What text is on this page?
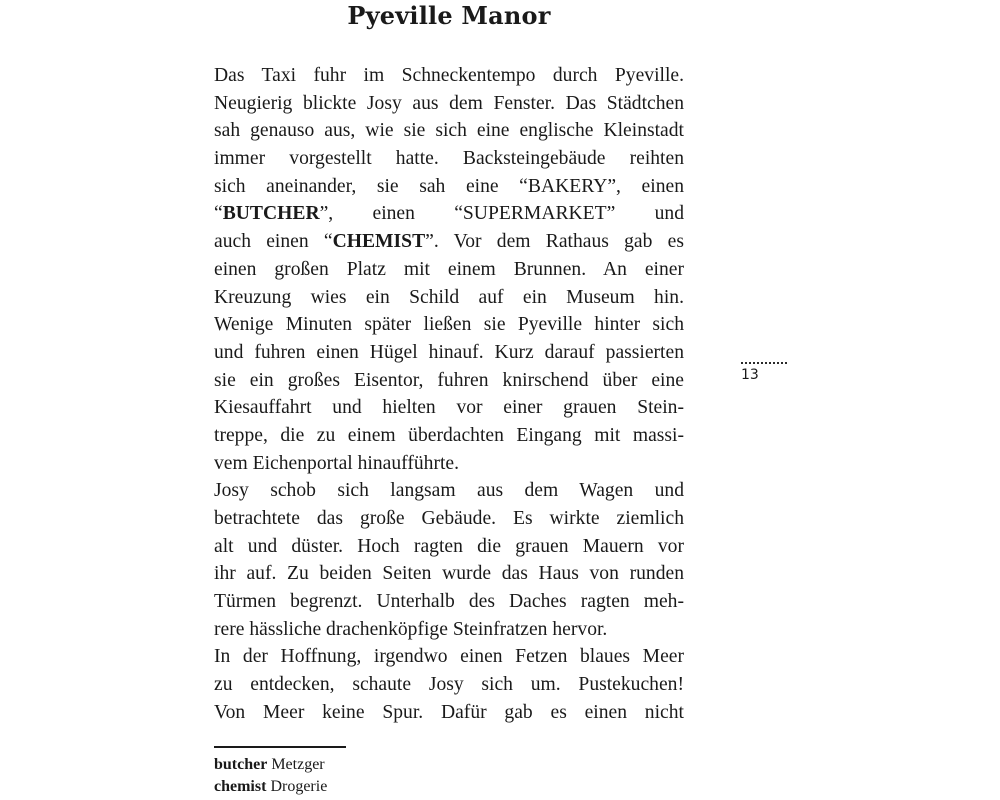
Pyeville Manor
Das Taxi fuhr im Schneckentempo durch Pyeville.
Neugierig blickte Josy aus dem Fenster. Das Städtchen
sah genauso aus, wie sie sich eine englische Kleinstadt
immer vorgestellt hatte. Backsteingebäude reihten
sich aneinander, sie sah eine “BAKERY”, einen
“BUTCHER”, einen “SUPERMARKET” und
auch einen “CHEMIST”. Vor dem Rathaus gab es
einen großen Platz mit einem Brunnen. An einer
Kreuzung wies ein Schild auf ein Museum hin.
Wenige Minuten später ließen sie Pyeville hinter sich
und fuhren einen Hügel hinauf. Kurz darauf passierten
sie ein großes Eisentor, fuhren knirschend über eine
Kiesauffahrt und hielten vor einer grauen Stein-
treppe, die zu einem überdachten Eingang mit massi-
vem Eichenportal hinaufführte.
Josy schob sich langsam aus dem Wagen und
betrachtete das große Gebäude. Es wirkte ziemlich
alt und düster. Hoch ragten die grauen Mauern vor
ihr auf. Zu beiden Seiten wurde das Haus von runden
Türmen begrenzt. Unterhalb des Daches ragten meh-
rere hässliche drachenköpfige Steinfratzen hervor.
In der Hoffnung, irgendwo einen Fetzen blaues Meer
zu entdecken, schaute Josy sich um. Pustekuchen!
Von Meer keine Spur. Dafür gab es einen nicht
13
butcher Metzger
chemist Drogerie
